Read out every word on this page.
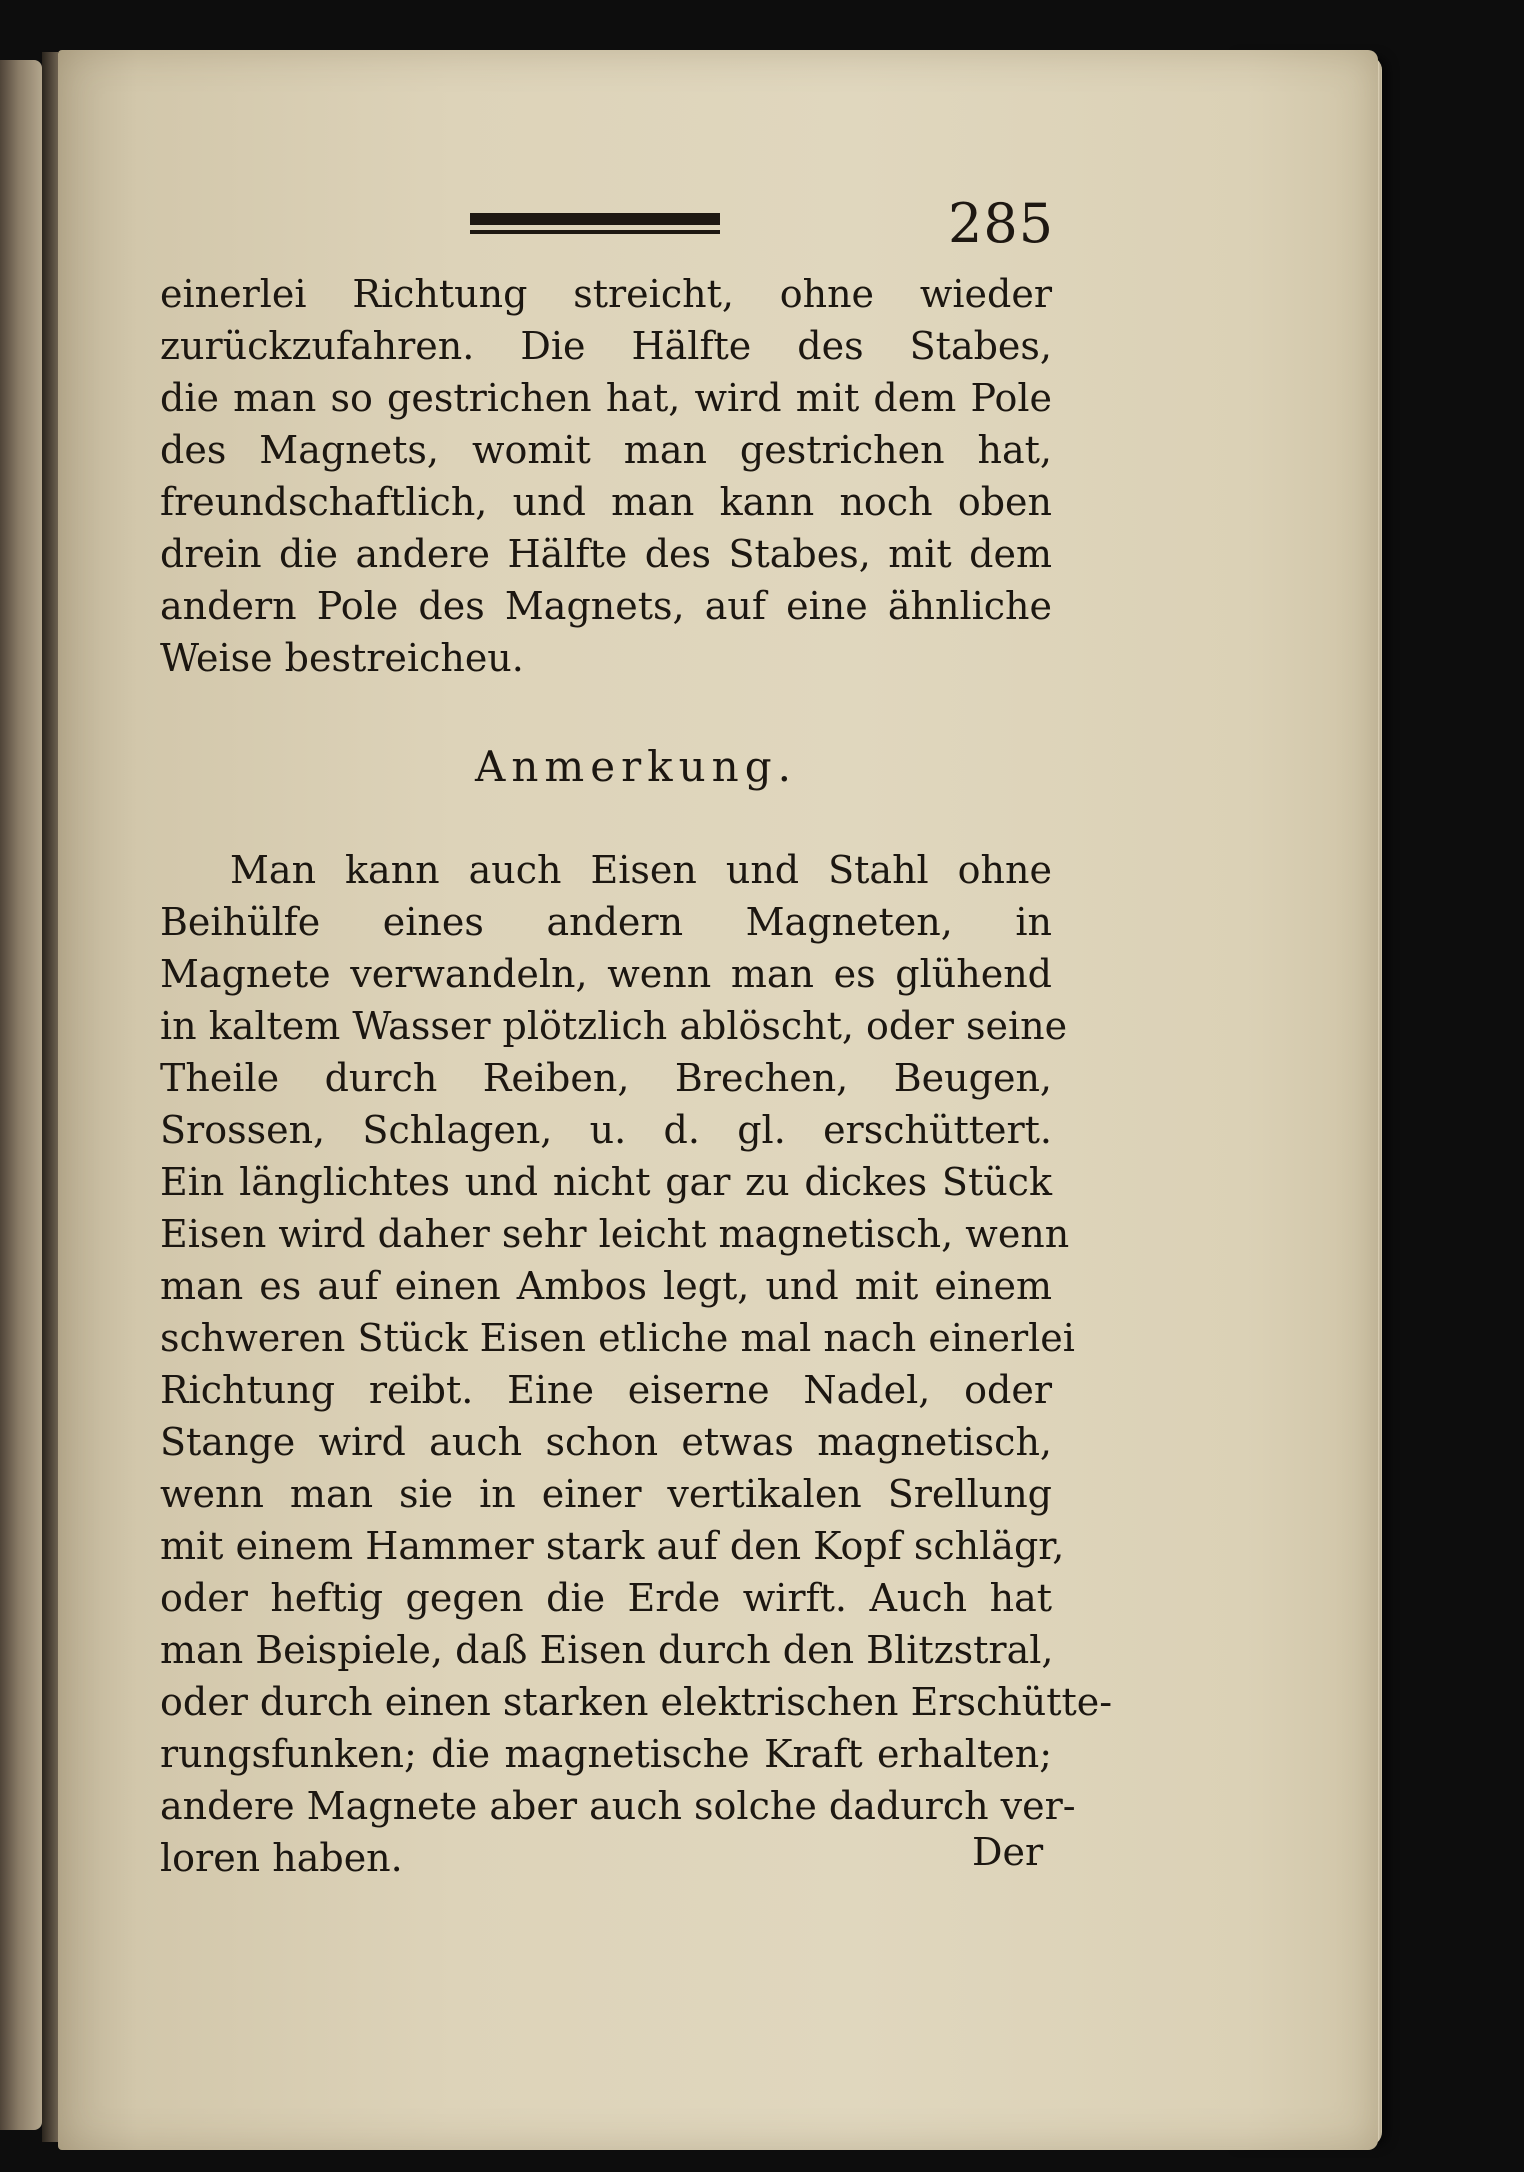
285
einerlei Richtung streicht, ohne wieder
zurückzufahren. Die Hälfte des Stabes,
die man so gestrichen hat, wird mit dem Pole
des Magnets, womit man gestrichen hat,
freundschaftlich, und man kann noch oben
drein die andere Hälfte des Stabes, mit dem
andern Pole des Magnets, auf eine ähnliche
Weise bestreicheu.
Anmerkung.
Man kann auch Eisen und Stahl ohne
Beihülfe eines andern Magneten, in
Magnete verwandeln, wenn man es glühend
in kaltem Wasser plötzlich ablöscht, oder seine
Theile durch Reiben, Brechen, Beugen,
Srossen, Schlagen, u. d. gl. erschüttert.
Ein länglichtes und nicht gar zu dickes Stück
Eisen wird daher sehr leicht magnetisch, wenn
man es auf einen Ambos legt, und mit einem
schweren Stück Eisen etliche mal nach einerlei
Richtung reibt. Eine eiserne Nadel, oder
Stange wird auch schon etwas magnetisch,
wenn man sie in einer vertikalen Srellung
mit einem Hammer stark auf den Kopf schlägr,
oder heftig gegen die Erde wirft. Auch hat
man Beispiele, daß Eisen durch den Blitzstral,
oder durch einen starken elektrischen Erschütte-
rungsfunken; die magnetische Kraft erhalten;
andere Magnete aber auch solche dadurch ver-
loren haben.	Der
